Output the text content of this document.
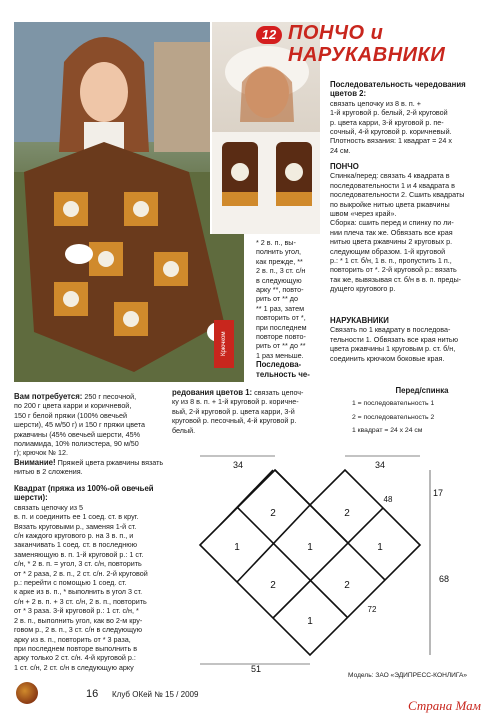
Крючком
12 ПОНЧО и
НАРУКАВНИКИ
Последовательность чередования цветов 2:
связать цепочку из 8 в. п. +
1-й круговой р. белый, 2-й круговой
р. цвета карри, 3-й круговой р. пе-
сочный, 4-й круговой р. коричневый.
Плотность вязания: 1 квадрат = 24 х
24 см.
ПОНЧО
Спинка/перед: связать 4 квадрата в
последовательности 1 и 4 квадрата в
последовательности 2. Сшить квадраты
по выкройке нитью цвета ржавчины
швом «через край».
Сборка: сшить перед и спинку по ли-
нии плеча так же. Обвязать все края
нитью цвета ржавчины 2 круговых р.
следующим образом. 1-й круговой
р.: * 1 ст. б/н, 1 в. п., пропустить 1 п.,
повторить от *. 2-й круговой р.: вязать
так же, вывязывая ст. б/н в в. п. преды-
дущего кругового р.
НАРУКАВНИКИ
Связать по 1 квадрату в последова-
тельности 1. Обвязать все края нитью
цвета ржавчины 1 круговым р. ст. б/н,
соединить крючком боковые края.
* 2 в. п., вы-
полнить угол,
как прежде, **
2 в. п., 3 ст. с/н
в следующую
арку **, повто-
рить от ** до
** 1 раз, затем
повторить от *,
при последнем
повторе повто-
рить от ** до **
1 раз меньше.
Последова-
тельность че-
редования цветов 1: связать цепоч-
ку из 8 в. п. + 1-й круговой р. коричне-
вый, 2-й круговой р. цвета карри, 3-й
круговой р. песочный, 4-й круговой р.
белый.
Вам потребуется: 250 г песочной,
по 200 г цвета карри и коричневой,
150 г белой пряжи (100% овечьей
шерсти), 45 м/50 г) и 150 г пряжи цвета
ржавчины (45% овечьей шерсти, 45%
полиамида, 10% полиэстера, 90 м/50
г); крючок № 12.
Внимание! Пряжей цвета ржавчины вязать нитью в 2 сложения.
Квадрат (пряжа из 100%-ой овечьей шерсти):
связать цепочку из 5
в. п. и соединить ее 1 соед. ст. в круг.
Вязать круговыми р., заменяя 1-й ст.
с/н каждого кругового р. на 3 в. п., и
заканчивать 1 соед. ст. в последнюю
заменяющую в. п. 1-й круговой р.: 1 ст.
с/н, * 2 в. п. = угол, 3 ст. с/н, повторить
от * 2 раза, 2 в. п., 2 ст. с/н. 2-й круговой
р.: перейти с помощью 1 соед. ст.
к арке из в. п., * выполнить в угол 3 ст.
с/н + 2 в. п. + 3 ст. с/н, 2 в. п., повторить
от * 3 раза. 3-й круговой р.: 1 ст. с/н, *
2 в. п., выполнить угол, как во 2-м кру-
говом р., 2 в. п., 3 ст. с/н в следующую
арку из в. п., повторить от * 3 раза,
при последнем повторе выполнить в
арку только 2 ст. с/н. 4-й круговой р.:
1 ст. с/н, 2 ст. с/н в следующую арку
Перед/спинка
1 = последовательность 1
2 = последовательность 2
1 квадрат = 24 х 24 см
2
1	1	1
2
2	2
1
34	34
17
68
48
72
51
Модель: ЗАО «ЭДИПРЕСС-КОНЛИГА»
16 Клуб ОКей № 15 / 2009
Страна Мам
